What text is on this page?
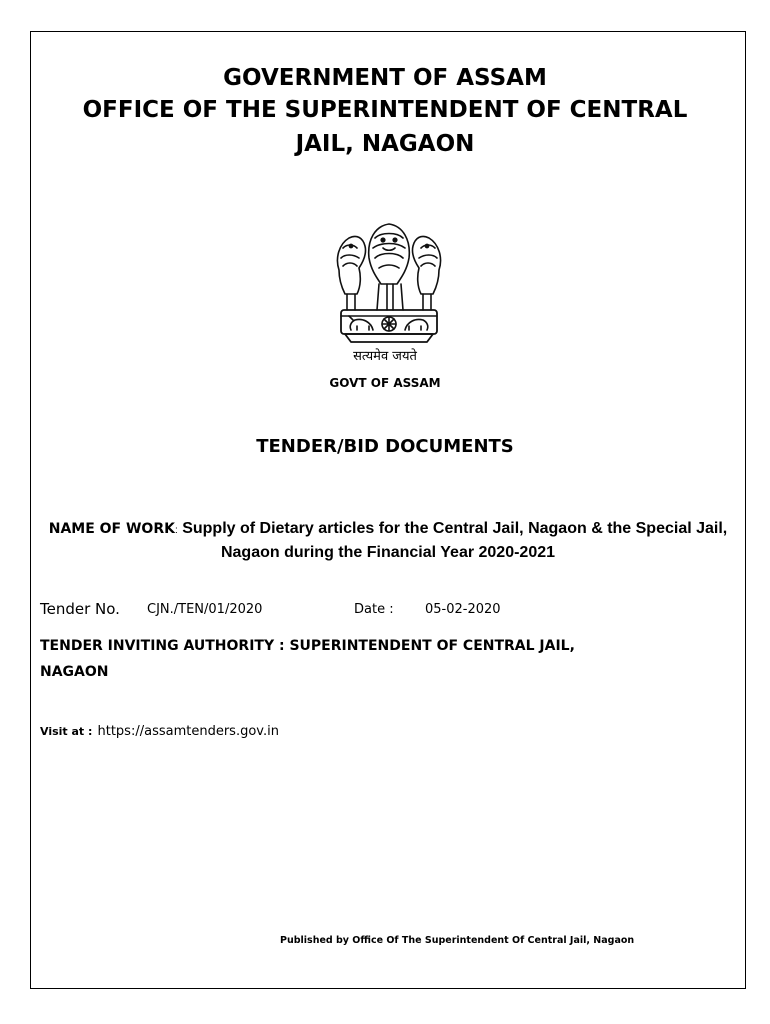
GOVERNMENT OF ASSAM
OFFICE OF THE SUPERINTENDENT OF CENTRAL
JAIL, NAGAON
सत्यमेव जयते
GOVT OF ASSAM
TENDER/BID DOCUMENTS
NAME OF WORK: Supply of Dietary articles for the Central Jail, Nagaon & the Special Jail, Nagaon during the Financial Year 2020-2021
Tender No. CJN./TEN/01/2020	Date : 05-02-2020
TENDER INVITING AUTHORITY : SUPERINTENDENT OF CENTRAL JAIL,
NAGAON
Visit at : https://assamtenders.gov.in
Published by Office Of The Superintendent Of Central Jail, Nagaon
